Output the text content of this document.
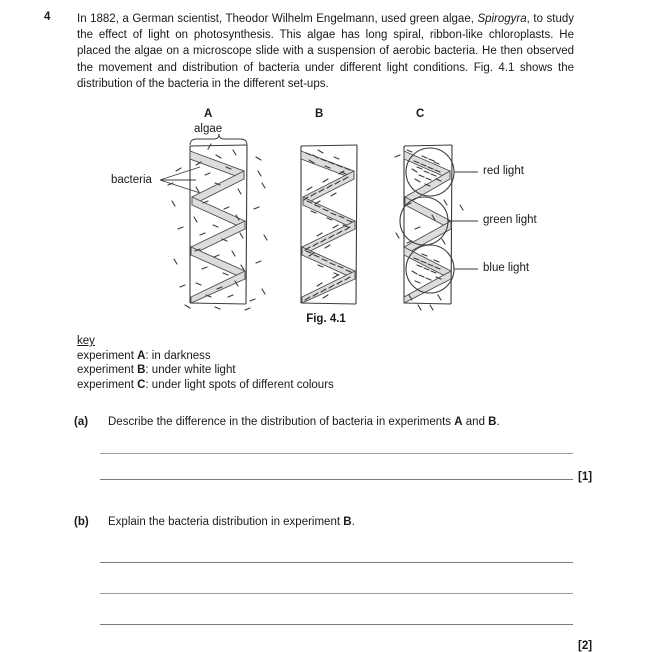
4 In 1882, a German scientist, Theodor Wilhelm Engelmann, used green algae, Spirogyra, to study the effect of light on photosynthesis. This algae has long spiral, ribbon-like chloroplasts. He placed the algae on a microscope slide with a suspension of aerobic bacteria. He then observed the movement and distribution of bacteria under different light conditions. Fig. 4.1 shows the distribution of the bacteria in the different set-ups.
A	B	C
algae
bacteria
red light
green light
blue light
Fig. 4.1
key
experiment A: in darkness
experiment B: under white light
experiment C: under light spots of different colours
(a) Describe the difference in the distribution of bacteria in experiments A and B.
[1]
(b) Explain the bacteria distribution in experiment B.
[2]
